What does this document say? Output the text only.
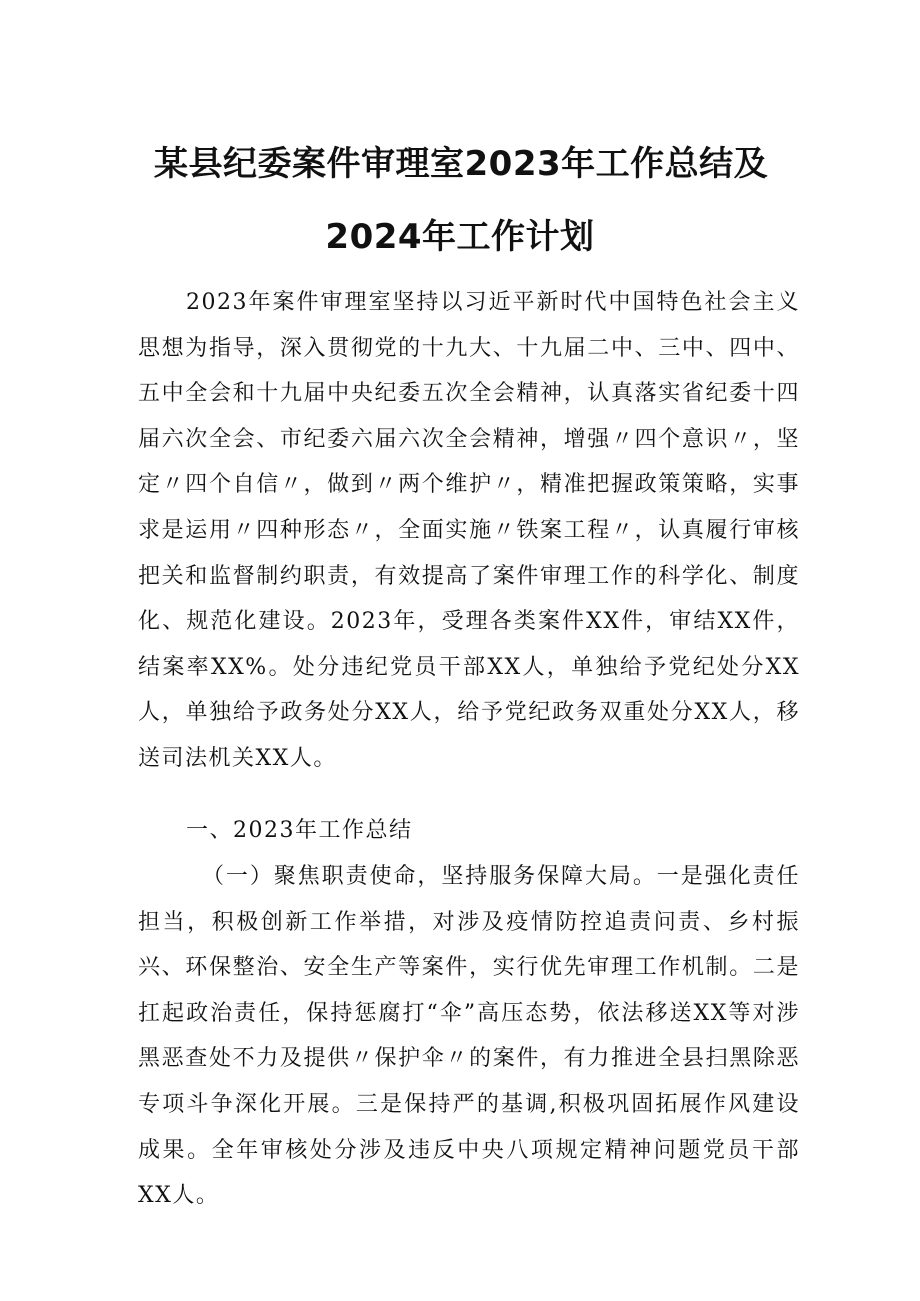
某县纪委案件审理室2023年工作总结及
2024年工作计划

2023年案件审理室坚持以习近平新时代中国特色社会主义思想为指导，深入贯彻党的十九大、十九届二中、三中、四中、五中全会和十九届中央纪委五次全会精神，认真落实省纪委十四届六次全会、市纪委六届六次全会精神，增强〃四个意识〃，坚定〃四个自信〃，做到〃两个维护〃，精准把握政策策略，实事求是运用〃四种形态〃，全面实施〃铁案工程〃，认真履行审核把关和监督制约职责，有效提高了案件审理工作的科学化、制度化、规范化建设。2023年，受理各类案件XX件，审结XX件，结案率XX%。处分违纪党员干部XX人，单独给予党纪处分XX人，单独给予政务处分XX人，给予党纪政务双重处分XX人，移送司法机关XX人。

一、2023年工作总结

（一）聚焦职责使命，坚持服务保障大局。一是强化责任担当，积极创新工作举措，对涉及疫情防控追责问责、乡村振兴、环保整治、安全生产等案件，实行优先审理工作机制。二是扛起政治责任，保持惩腐打“伞”高压态势，依法移送XX等对涉黑恶查处不力及提供〃保护伞〃的案件，有力推进全县扫黑除恶专项斗争深化开展。三是保持严的基调,积极巩固拓展作风建设成果。全年审核处分涉及违反中央八项规定精神问题党员干部XX人。
